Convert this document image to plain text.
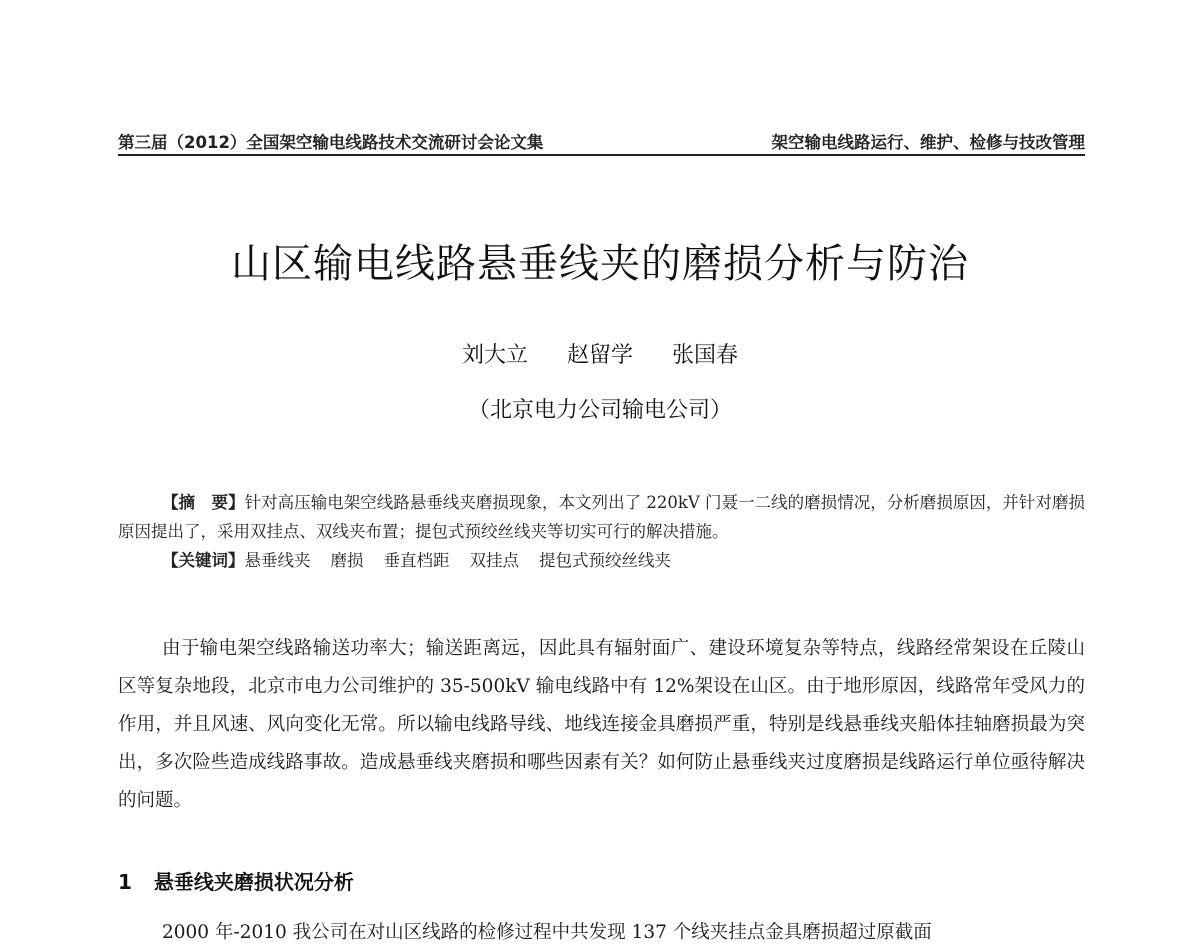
第三届（2012）全国架空输电线路技术交流研讨会论文集	架空输电线路运行、维护、检修与技改管理
山区输电线路悬垂线夹的磨损分析与防治
刘大立 赵留学 张国春
（北京电力公司输电公司）

【摘　要】针对高压输电架空线路悬垂线夹磨损现象，本文列出了 220kV 门聂一二线的磨损情况，分析磨损原因，并针对磨损原因提出了，采用双挂点、双线夹布置；提包式预绞丝线夹等切实可行的解决措施。

【关键词】悬垂线夹 磨损 垂直档距 双挂点 提包式预绞丝线夹

由于输电架空线路输送功率大；输送距离远，因此具有辐射面广、建设环境复杂等特点，线路经常架设在丘陵山区等复杂地段，北京市电力公司维护的 35-500kV 输电线路中有 12%架设在山区。由于地形原因，线路常年受风力的作用，并且风速、风向变化无常。所以输电线路导线、地线连接金具磨损严重，特别是线悬垂线夹船体挂轴磨损最为突出，多次险些造成线路事故。造成悬垂线夹磨损和哪些因素有关？如何防止悬垂线夹过度磨损是线路运行单位亟待解决的问题。

1 悬垂线夹磨损状况分析
2000 年-2010 我公司在对山区线路的检修过程中共发现 137 个线夹挂点金具磨损超过原截面
